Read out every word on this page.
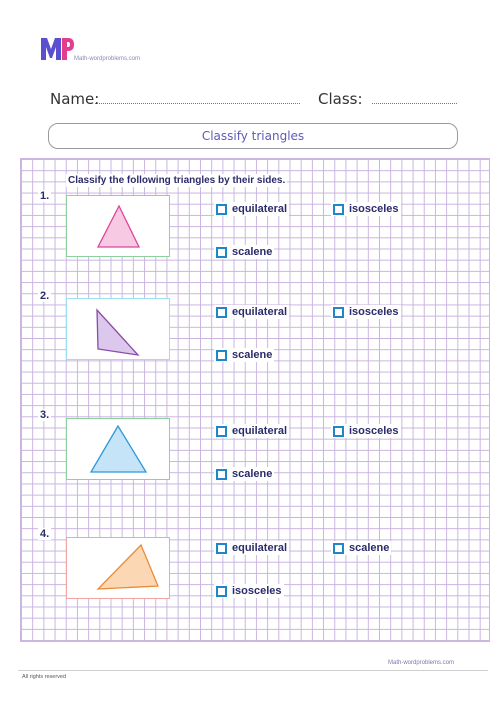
Math-wordproblems.com
Name:	Class:
Classify triangles
Classify the following triangles by their sides.
1.
equilateral	isosceles
scalene
2.
equilateral	isosceles
scalene
3.
equilateral	isosceles
scalene
4.
equilateral	scalene
isosceles
Math-wordproblems.com
All rights reserved
